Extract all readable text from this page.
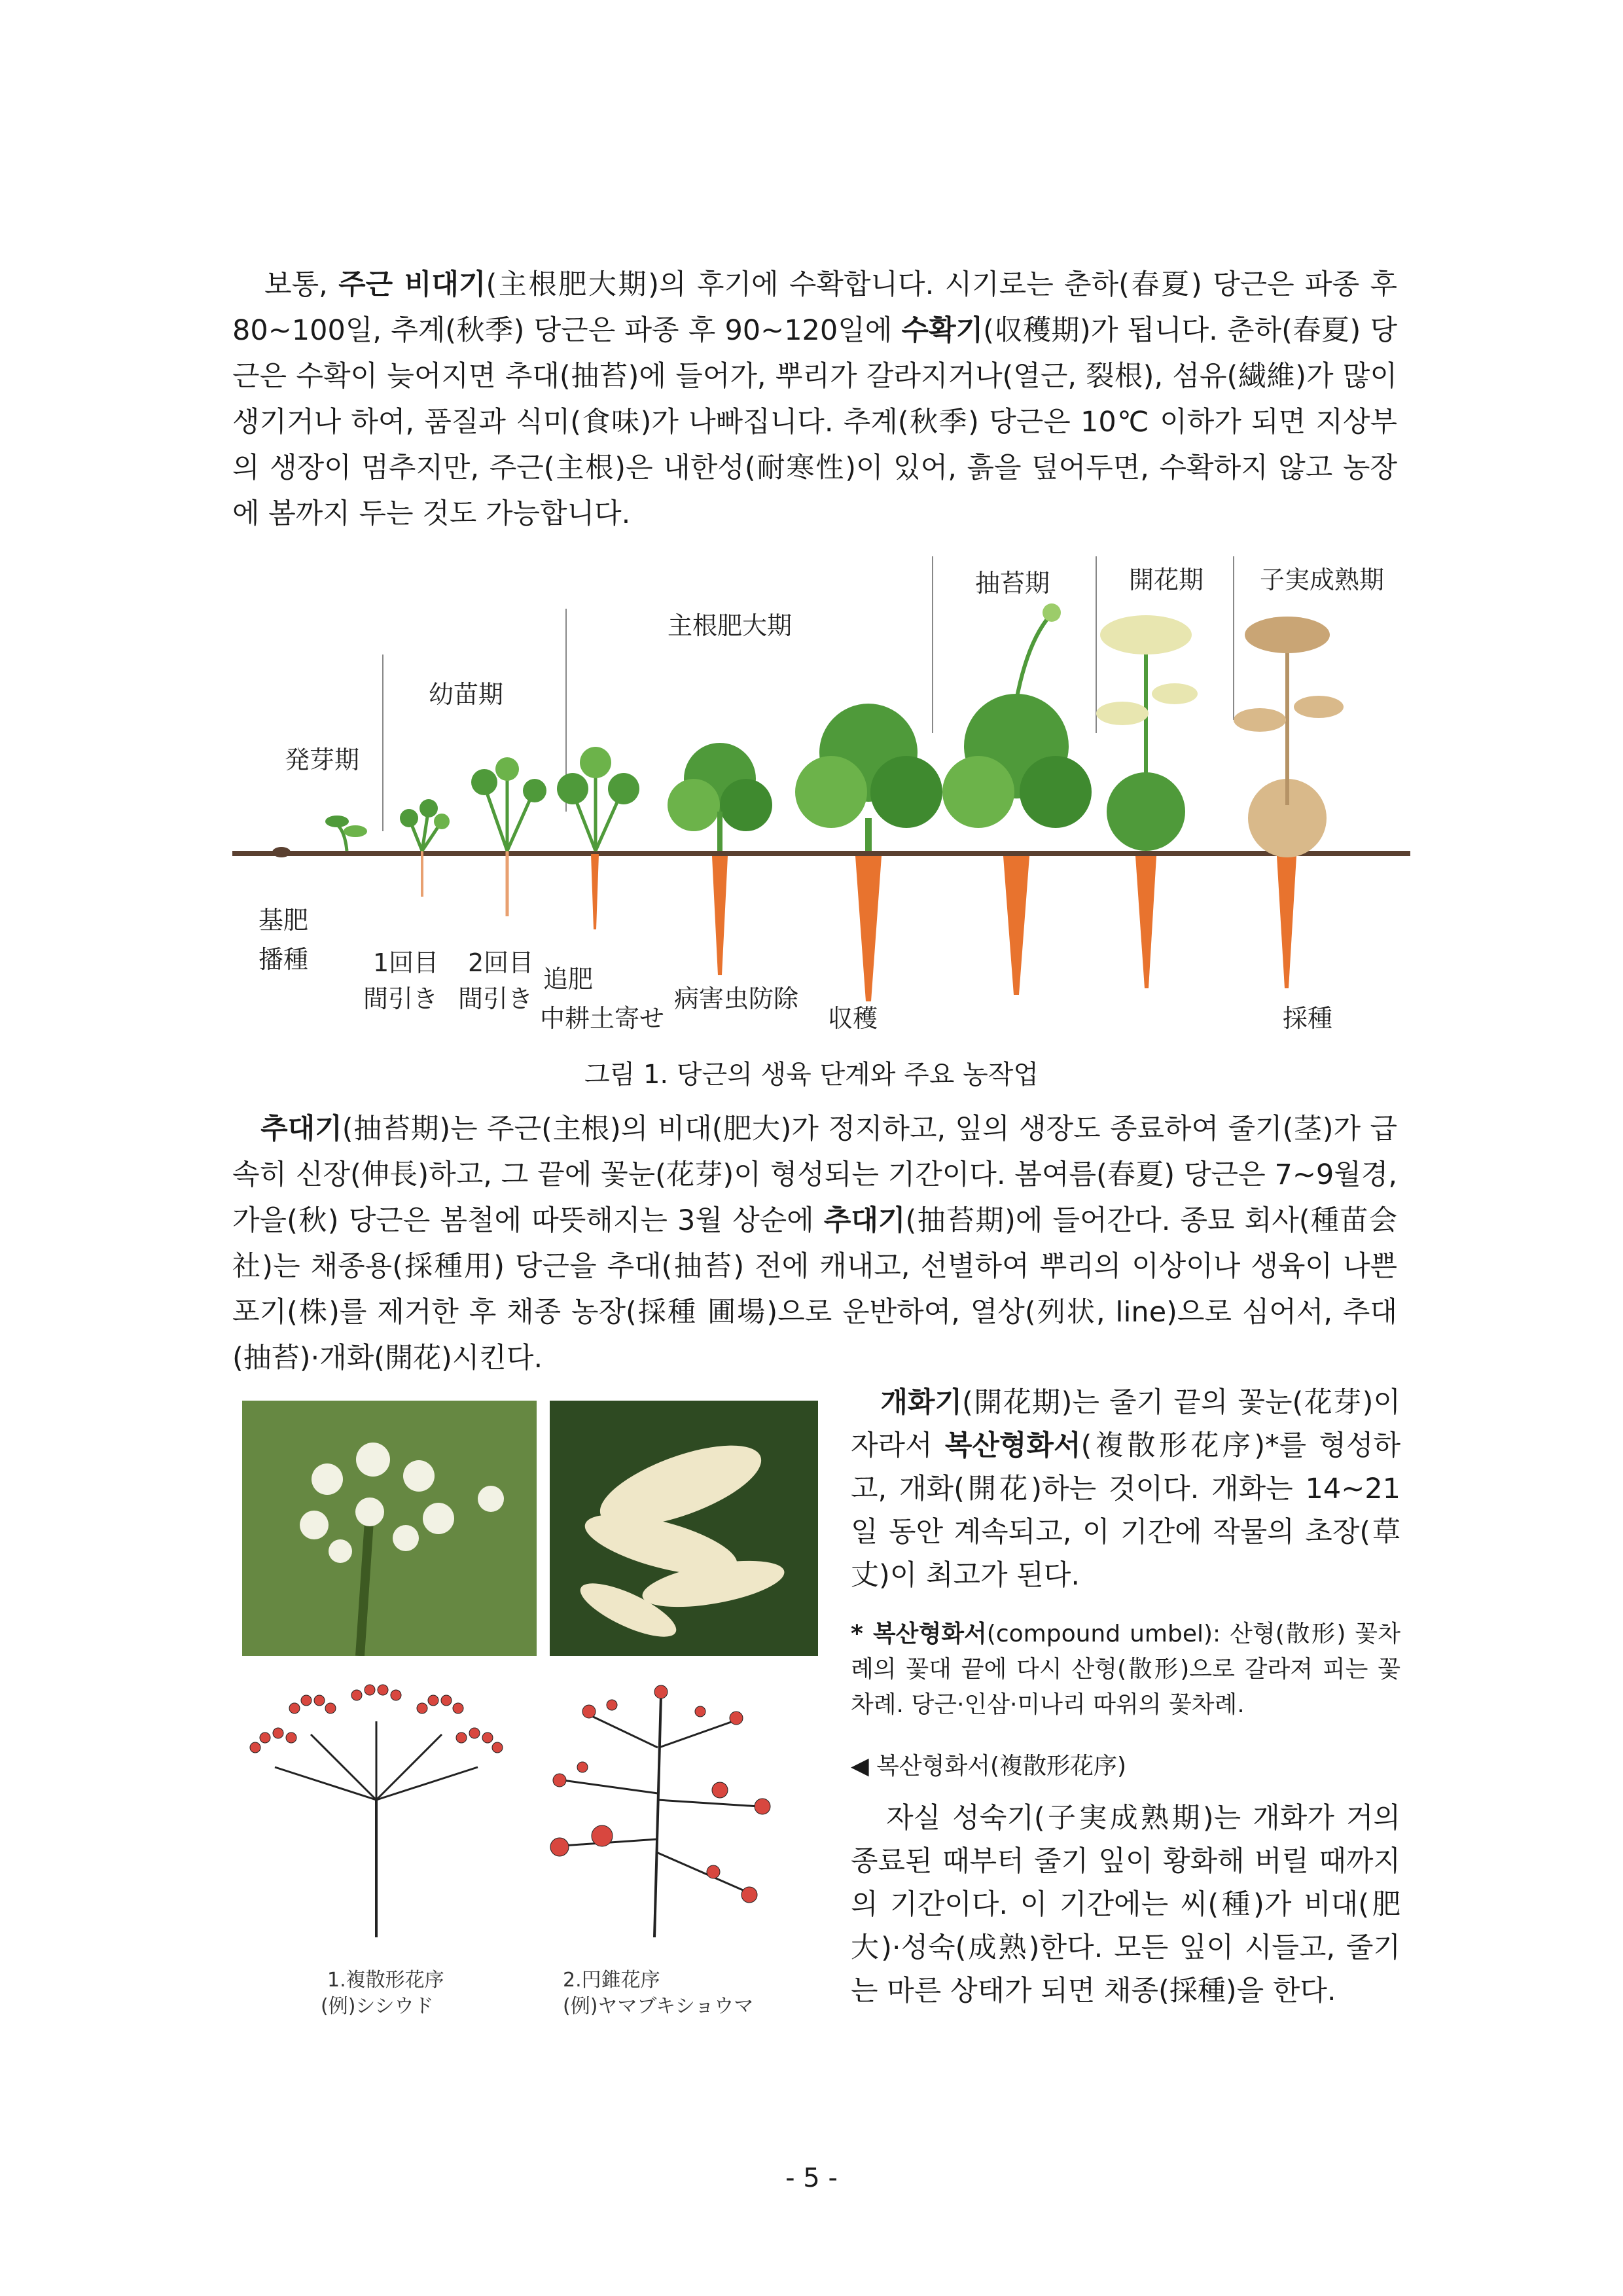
보통, 주근 비대기(主根肥大期)의 후기에 수확합니다. 시기로는 춘하(春夏) 당근은 파종 후 80~100일, 추계(秋季) 당근은 파종 후 90~120일에 수확기(収穫期)가 됩니다. 춘하(春夏) 당근은 수확이 늦어지면 추대(抽苔)에 들어가, 뿌리가 갈라지거나(열근, 裂根), 섬유(繊維)가 많이 생기거나 하여, 품질과 식미(食味)가 나빠집니다. 추계(秋季) 당근은 10℃ 이하가 되면 지상부의 생장이 멈추지만, 주근(主根)은 내한성(耐寒性)이 있어, 흙을 덮어두면, 수확하지 않고 농장에 봄까지 두는 것도 가능합니다.

発芽期
幼苗期
主根肥大期
抽苔期	開花期 子実成熟期
基肥
播種	1回目
間引き
2回目
間引き
追肥
中耕土寄せ
病害虫防除
収穫	採種
그림 1. 당근의 생육 단계와 주요 농작업

추대기(抽苔期)는 주근(主根)의 비대(肥大)가 정지하고, 잎의 생장도 종료하여 줄기(茎)가 급속히 신장(伸長)하고, 그 끝에 꽃눈(花芽)이 형성되는 기간이다. 봄여름(春夏) 당근은 7~9월경, 가을(秋) 당근은 봄철에 따뜻해지는 3월 상순에 추대기(抽苔期)에 들어간다. 종묘 회사(種苗会社)는 채종용(採種用) 당근을 추대(抽苔) 전에 캐내고, 선별하여 뿌리의 이상이나 생육이 나쁜 포기(株)를 제거한 후 채종 농장(採種 圃場)으로 운반하여, 열상(列状, line)으로 심어서, 추대(抽苔)·개화(開花)시킨다.

1.複散形花序
(例)シシウド
2.円錐花序
(例)ヤマブキショウマ

개화기(開花期)는 줄기 끝의 꽃눈(花芽)이 자라서 복산형화서(複散形花序)*를 형성하고, 개화(開花)하는 것이다. 개화는 14~21일 동안 계속되고, 이 기간에 작물의 초장(草丈)이 최고가 된다.

* 복산형화서(compound umbel): 산형(散形) 꽃차례의 꽃대 끝에 다시 산형(散形)으로 갈라져 피는 꽃차례. 당근·인삼·미나리 따위의 꽃차례.
◀ 복산형화서(複散形花序)

자실 성숙기(子実成熟期)는 개화가 거의 종료된 때부터 줄기 잎이 황화해 버릴 때까지의 기간이다. 이 기간에는 씨(種)가 비대(肥大)·성숙(成熟)한다. 모든 잎이 시들고, 줄기는 마른 상태가 되면 채종(採種)을 한다.

- 5 -
